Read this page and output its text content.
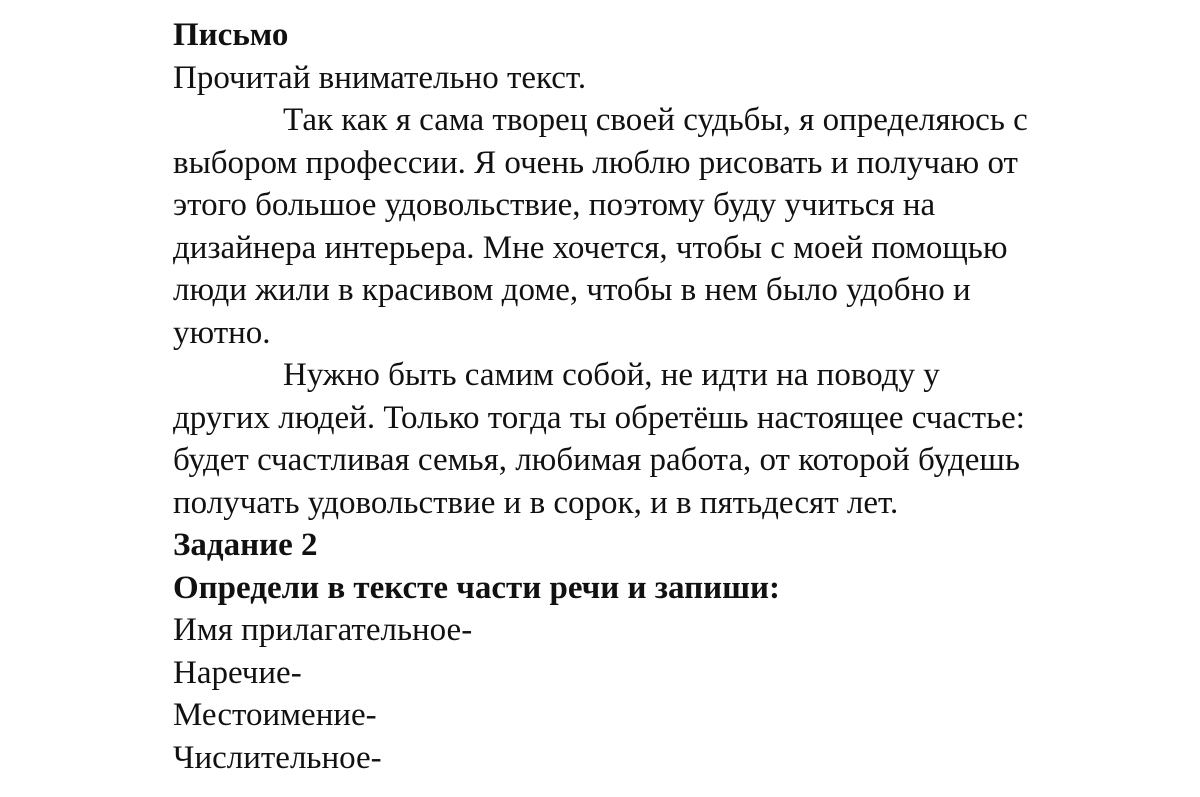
Письмо
Прочитай внимательно текст.
Так как я сама творец своей судьбы, я определяюсь с
выбором профессии. Я очень люблю рисовать и получаю от
этого большое удовольствие, поэтому буду учиться на
дизайнера интерьера. Мне хочется, чтобы с моей помощью
люди жили в красивом доме, чтобы в нем было удобно и
уютно.
Нужно быть самим собой, не идти на поводу у
других людей. Только тогда ты обретёшь настоящее счастье:
будет счастливая семья, любимая работа, от которой будешь
получать удовольствие и в сорок, и в пятьдесят лет.
Задание 2
Определи в тексте части речи и запиши:
Имя прилагательное-
Наречие-
Местоимение-
Числительное-
